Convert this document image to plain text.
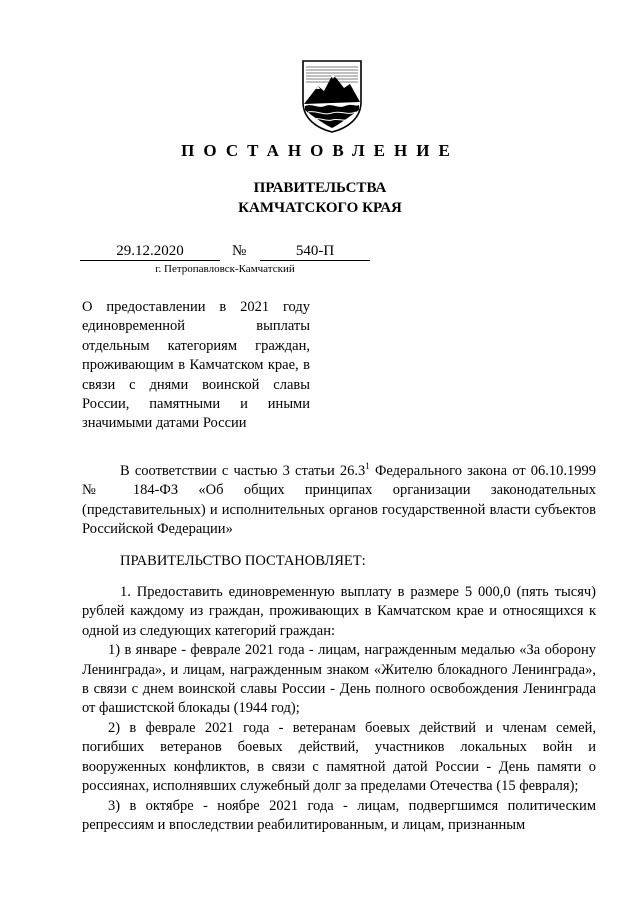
ПОСТАНОВЛЕНИЕ
ПРАВИТЕЛЬСТВА
КАМЧАТСКОГО КРАЯ
29.12.2020	№	540-П
г. Петропавловск-Камчатский
О предоставлении в 2021 году единовременной выплаты отдельным категориям граждан, проживающим в Камчатском крае, в связи с днями воинской славы России, памятными и иными значимыми датами России

В соответствии с частью 3 статьи 26.3$^1$ Федерального закона от 06.10.1999 № 184-ФЗ «Об общих принципах организации законодательных (представительных) и исполнительных органов государственной власти субъектов Российской Федерации»

ПРАВИТЕЛЬСТВО ПОСТАНОВЛЯЕТ:

1. Предоставить единовременную выплату в размере 5 000,0 (пять тысяч) рублей каждому из граждан, проживающих в Камчатском крае и относящихся к одной из следующих категорий граждан:

1) в январе - феврале 2021 года - лицам, награжденным медалью «За оборону Ленинграда», и лицам, награжденным знаком «Жителю блокадного Ленинграда», в связи с днем воинской славы России - День полного освобождения Ленинграда от фашистской блокады (1944 год);

2) в феврале 2021 года - ветеранам боевых действий и членам семей, погибших ветеранов боевых действий, участников локальных войн и вооруженных конфликтов, в связи с памятной датой России - День памяти о россиянах, исполнявших служебный долг за пределами Отечества (15 февраля);

3) в октябре - ноябре 2021 года - лицам, подвергшимся политическим репрессиям и впоследствии реабилитированным, и лицам, признанным
